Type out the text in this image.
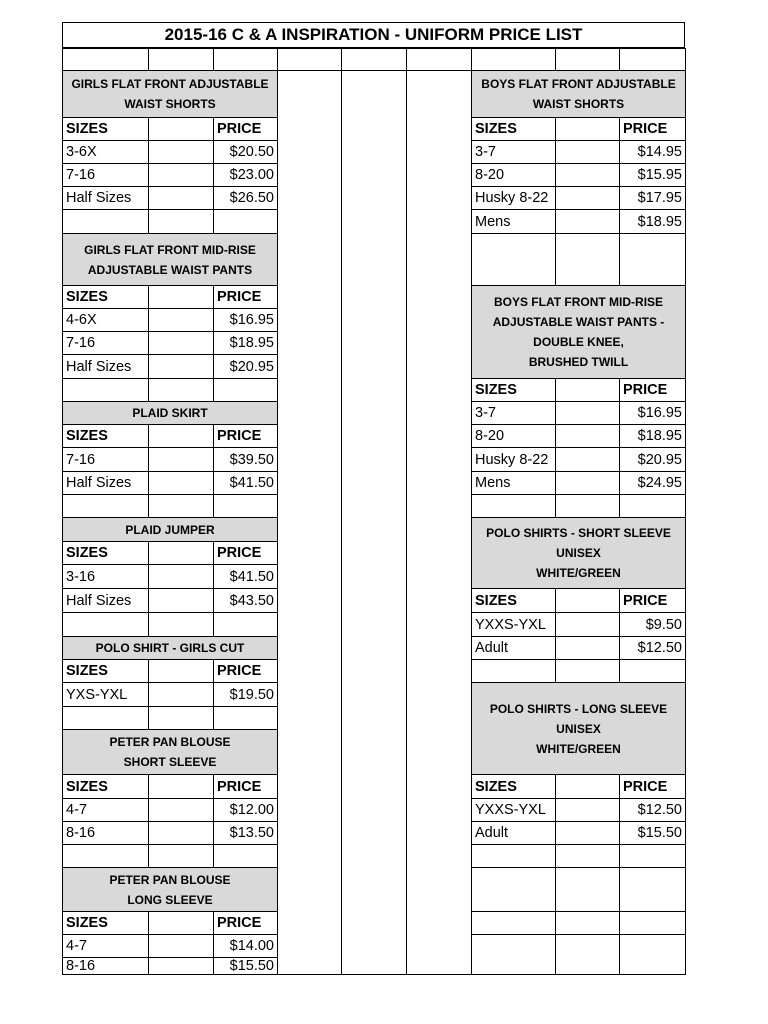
2015-16 C & A INSPIRATION - UNIFORM PRICE LIST
GIRLS FLAT FRONT ADJUSTABLE
WAIST SHORTS
SIZES	PRICE
3-6X	$20.50
7-16	$23.00
Half Sizes	$26.50
GIRLS FLAT FRONT MID-RISE
ADJUSTABLE WAIST PANTS
SIZES	PRICE
4-6X	$16.95
7-16	$18.95
Half Sizes	$20.95
PLAID SKIRT
SIZES	PRICE
7-16	$39.50
Half Sizes	$41.50
PLAID JUMPER
SIZES	PRICE
3-16	$41.50
Half Sizes	$43.50
POLO SHIRT - GIRLS CUT
SIZES	PRICE
YXS-YXL	$19.50
PETER PAN BLOUSE
SHORT SLEEVE
SIZES	PRICE
4-7	$12.00
8-16	$13.50
PETER PAN BLOUSE
LONG SLEEVE
SIZES	PRICE
4-7	$14.00
8-16	$15.50
BOYS FLAT FRONT ADJUSTABLE
WAIST SHORTS
SIZES	PRICE
3-7	$14.95
8-20	$15.95
Husky 8-22	$17.95
Mens	$18.95
BOYS FLAT FRONT MID-RISE
ADJUSTABLE WAIST PANTS -
DOUBLE KNEE,
BRUSHED TWILL
SIZES	PRICE
3-7	$16.95
8-20	$18.95
Husky 8-22	$20.95
Mens	$24.95
POLO SHIRTS - SHORT SLEEVE
UNISEX
WHITE/GREEN
SIZES	PRICE
YXXS-YXL	$9.50
Adult	$12.50
POLO SHIRTS - LONG SLEEVE
UNISEX
WHITE/GREEN
SIZES	PRICE
YXXS-YXL	$12.50
Adult	$15.50
